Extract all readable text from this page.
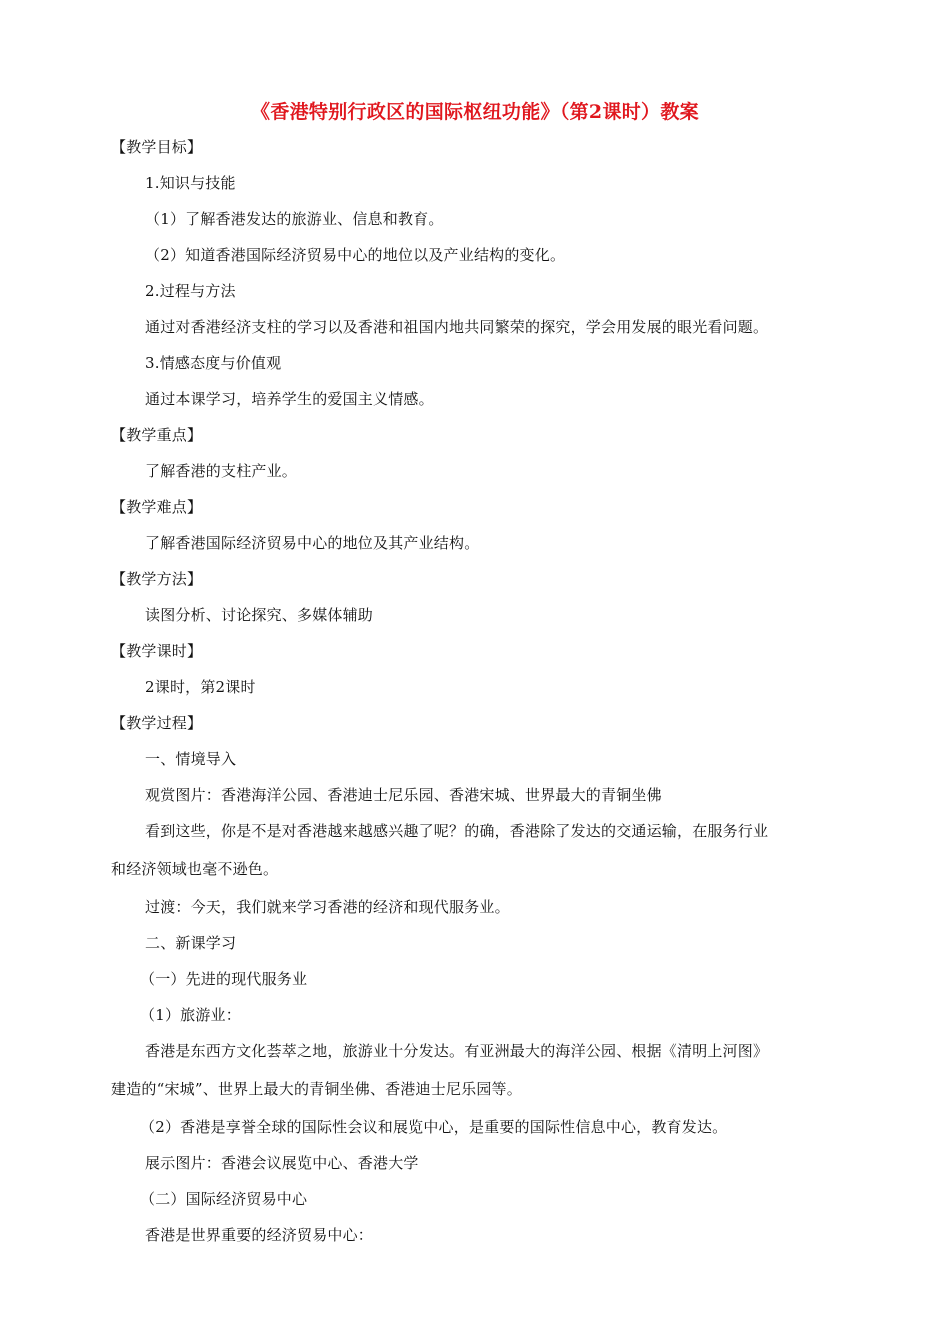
《香港特别行政区的国际枢纽功能》（第2课时）教案
【教学目标】
1.知识与技能
（1）了解香港发达的旅游业、信息和教育。
（2）知道香港国际经济贸易中心的地位以及产业结构的变化。
2.过程与方法
通过对香港经济支柱的学习以及香港和祖国内地共同繁荣的探究，学会用发展的眼光看问题。
3.情感态度与价值观
通过本课学习，培养学生的爱国主义情感。
【教学重点】
了解香港的支柱产业。
【教学难点】
了解香港国际经济贸易中心的地位及其产业结构。
【教学方法】
读图分析、讨论探究、多媒体辅助
【教学课时】
2课时，第2课时
【教学过程】
一、情境导入
观赏图片：香港海洋公园、香港迪士尼乐园、香港宋城、世界最大的青铜坐佛
看到这些，你是不是对香港越来越感兴趣了呢？的确，香港除了发达的交通运输，在服务行业
和经济领域也毫不逊色。
过渡：今天，我们就来学习香港的经济和现代服务业。
二、新课学习
（一）先进的现代服务业
（1）旅游业：
香港是东西方文化荟萃之地，旅游业十分发达。有亚洲最大的海洋公园、根据《清明上河图》
建造的“宋城”、世界上最大的青铜坐佛、香港迪士尼乐园等。
（2）香港是享誉全球的国际性会议和展览中心，是重要的国际性信息中心，教育发达。
展示图片：香港会议展览中心、香港大学
（二）国际经济贸易中心
香港是世界重要的经济贸易中心：
